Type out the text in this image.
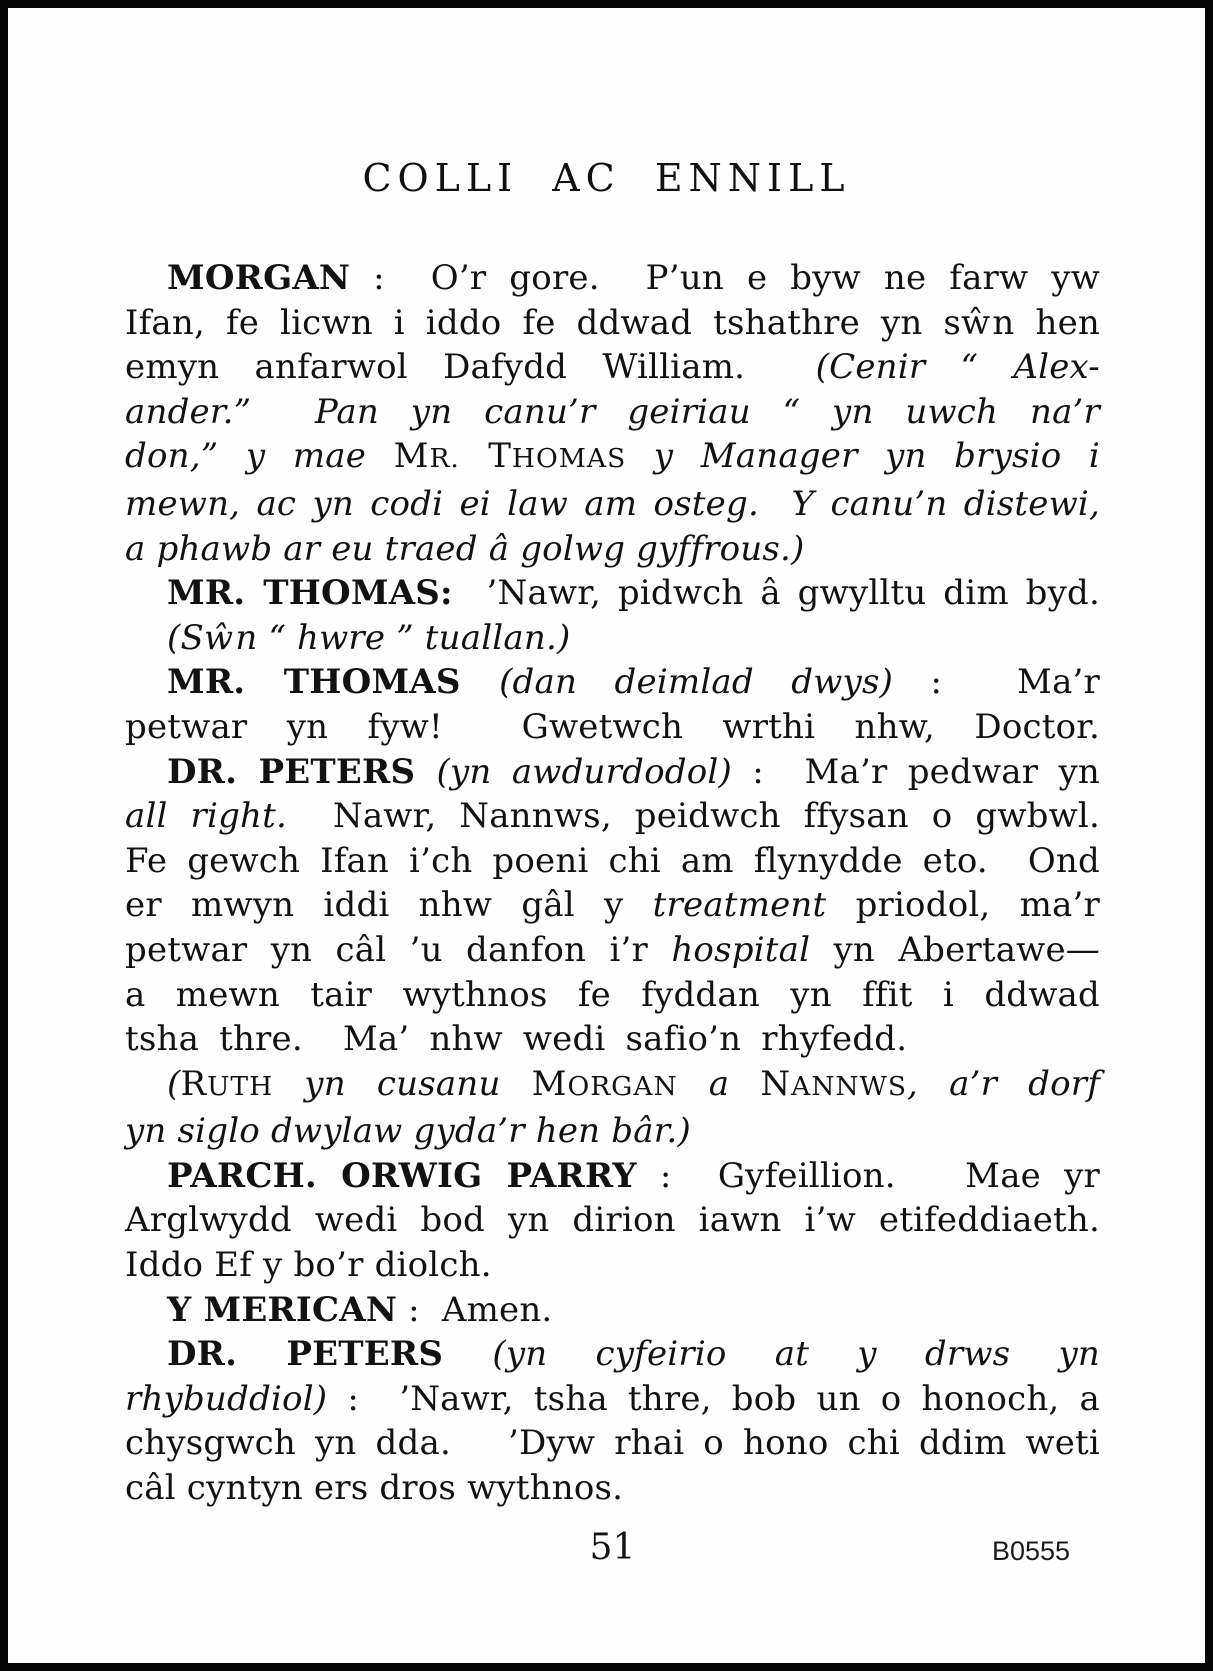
COLLI AC ENNILL
MORGAN :  O’r gore.  P’un e byw ne farw yw
Ifan, fe licwn i iddo fe ddwad tshathre yn sŵn hen
emyn anfarwol Dafydd William.  (Cenir “ Alex-
ander.”  Pan yn canu’r geiriau “ yn uwch na’r
don,” y mae MR. THOMAS y Manager yn brysio i
mewn, ac yn codi ei law am osteg.  Y canu’n distewi,
a phawb ar eu traed â golwg gyffrous.)
MR. THOMAS:  ’Nawr, pidwch â gwylltu dim byd.
(Sŵn “ hwre ” tuallan.)
MR. THOMAS (dan deimlad dwys) :  Ma’r
petwar yn fyw!  Gwetwch wrthi nhw, Doctor.
DR. PETERS (yn awdurdodol) :  Ma’r pedwar yn
all right.  Nawr, Nannws, peidwch ffysan o gwbwl.
Fe gewch Ifan i’ch poeni chi am flynydde eto.  Ond
er mwyn iddi nhw gâl y treatment priodol, ma’r
petwar yn câl ’u danfon i’r hospital yn Abertawe—
a mewn tair wythnos fe fyddan yn ffit i ddwad
tsha thre.  Ma’ nhw wedi safio’n rhyfedd.
(RUTH yn cusanu MORGAN a NANNWS, a’r dorf
yn siglo dwylaw gyda’r hen bâr.)
PARCH. ORWIG PARRY :  Gyfeillion.   Mae yr
Arglwydd wedi bod yn dirion iawn i’w etifeddiaeth.
Iddo Ef y bo’r diolch.
Y MERICAN :  Amen.
DR. PETERS (yn cyfeirio at y drws yn
rhybuddiol) :  ’Nawr, tsha thre, bob un o honoch, a
chysgwch yn dda.   ’Dyw rhai o hono chi ddim weti
câl cyntyn ers dros wythnos.
51	B0555
